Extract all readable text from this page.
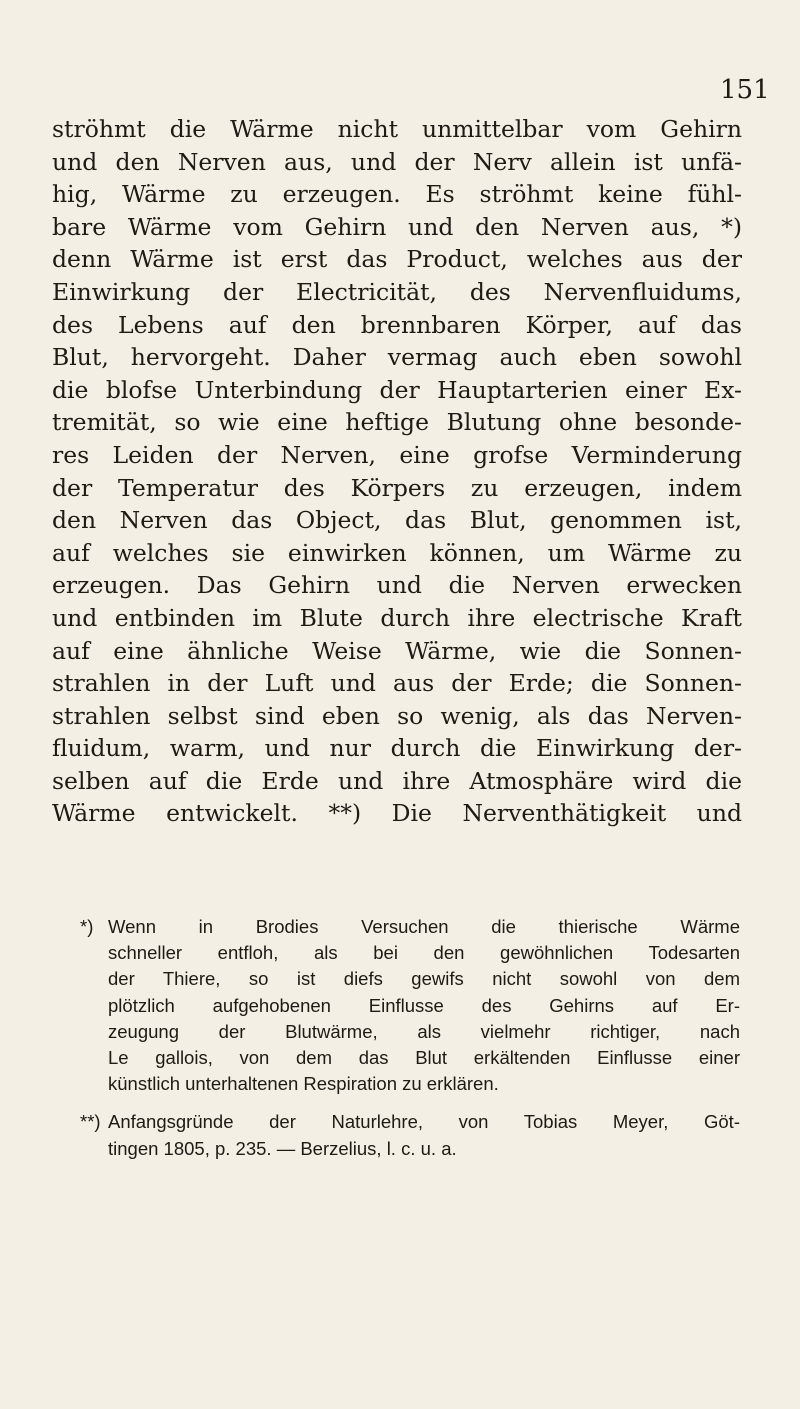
151
ströhmt die Wärme nicht unmittelbar vom Gehirn
und den Nerven aus, und der Nerv allein ist unfä-
hig, Wärme zu erzeugen. Es ströhmt keine fühl-
bare Wärme vom Gehirn und den Nerven aus, *)
denn Wärme ist erst das Product, welches aus der
Einwirkung der Electricität, des Nervenfluidums,
des Lebens auf den brennbaren Körper, auf das
Blut, hervorgeht. Daher vermag auch eben sowohl
die blofse Unterbindung der Hauptarterien einer Ex-
tremität, so wie eine heftige Blutung ohne besonde-
res Leiden der Nerven, eine grofse Verminderung
der Temperatur des Körpers zu erzeugen, indem
den Nerven das Object, das Blut, genommen ist,
auf welches sie einwirken können, um Wärme zu
erzeugen. Das Gehirn und die Nerven erwecken
und entbinden im Blute durch ihre electrische Kraft
auf eine ähnliche Weise Wärme, wie die Sonnen-
strahlen in der Luft und aus der Erde; die Sonnen-
strahlen selbst sind eben so wenig, als das Nerven-
fluidum, warm, und nur durch die Einwirkung der-
selben auf die Erde und ihre Atmosphäre wird die
Wärme entwickelt. **) Die Nerventhätigkeit und
*) Wenn in Brodies Versuchen die thierische Wärme
schneller entfloh, als bei den gewöhnlichen Todesarten
der Thiere, so ist diefs gewifs nicht sowohl von dem
plötzlich aufgehobenen Einflusse des Gehirns auf Er-
zeugung der Blutwärme, als vielmehr richtiger, nach
Le gallois, von dem das Blut erkältenden Einflusse einer
künstlich unterhaltenen Respiration zu erklären.
**) Anfangsgründe der Naturlehre, von Tobias Meyer, Göt-
tingen 1805, p. 235. — Berzelius, l. c. u. a.
